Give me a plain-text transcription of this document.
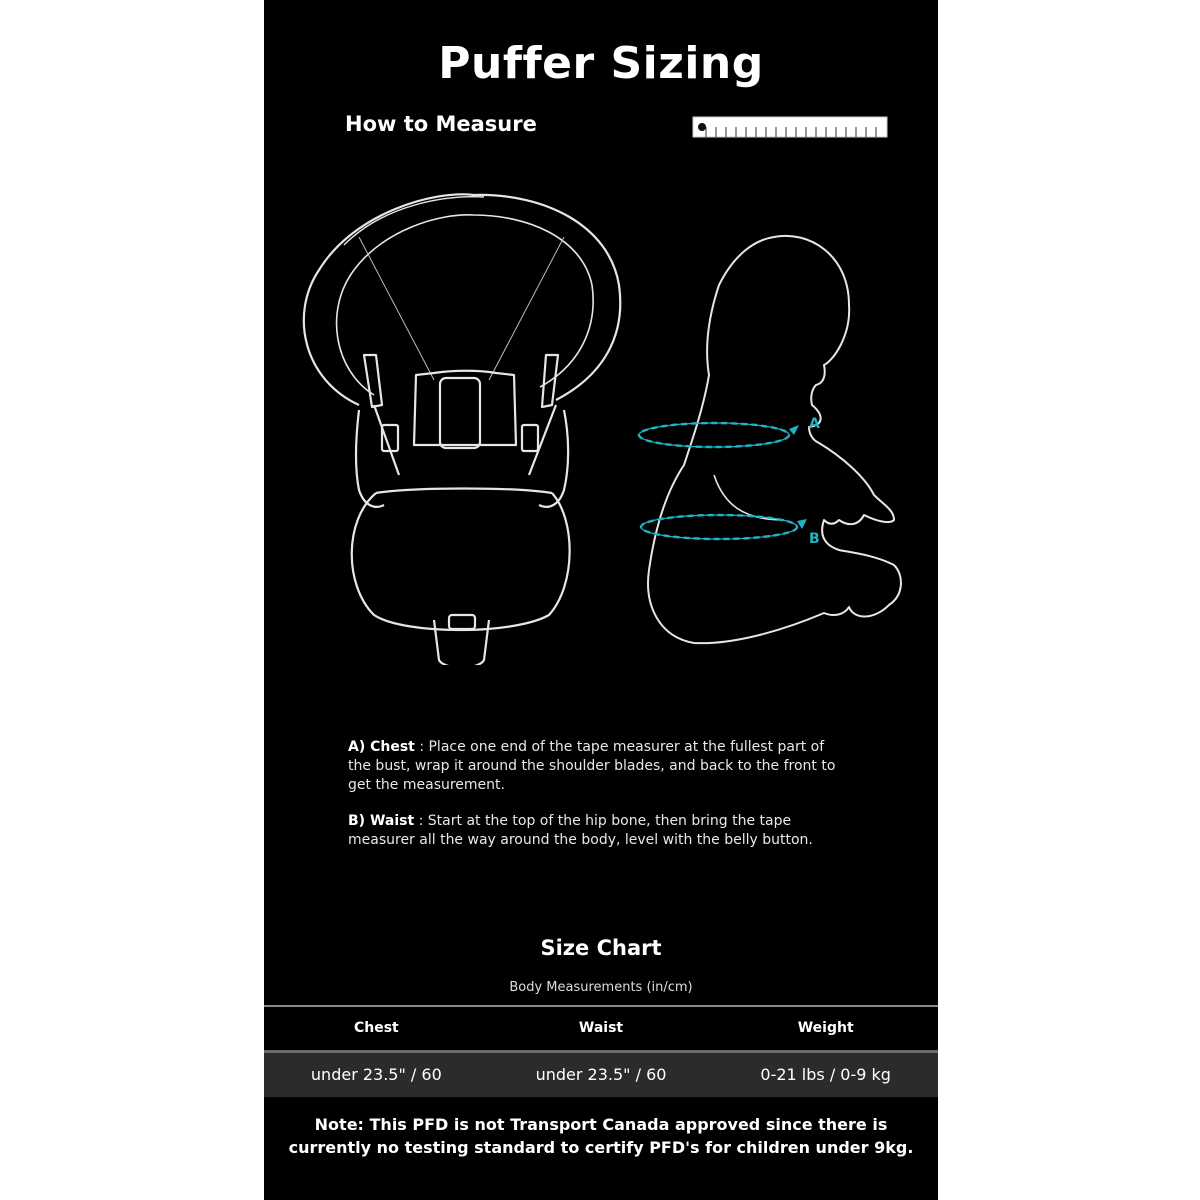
Puffer Sizing
How to Measure
A
B

A) Chest : Place one end of the tape measurer at the fullest part of the bust, wrap it around the shoulder blades, and back to the front to get the measurement.

B) Waist : Start at the top of the hip bone, then bring the tape measurer all the way around the body, level with the belly button.

Size Chart
Body Measurements (in/cm)
Chest	Waist	Weight
under 23.5" / 60	under 23.5" / 60	0-21 lbs / 0-9 kg
Note: This PFD is not Transport Canada approved since there is currently no testing standard to certify PFD's for children under 9kg.
